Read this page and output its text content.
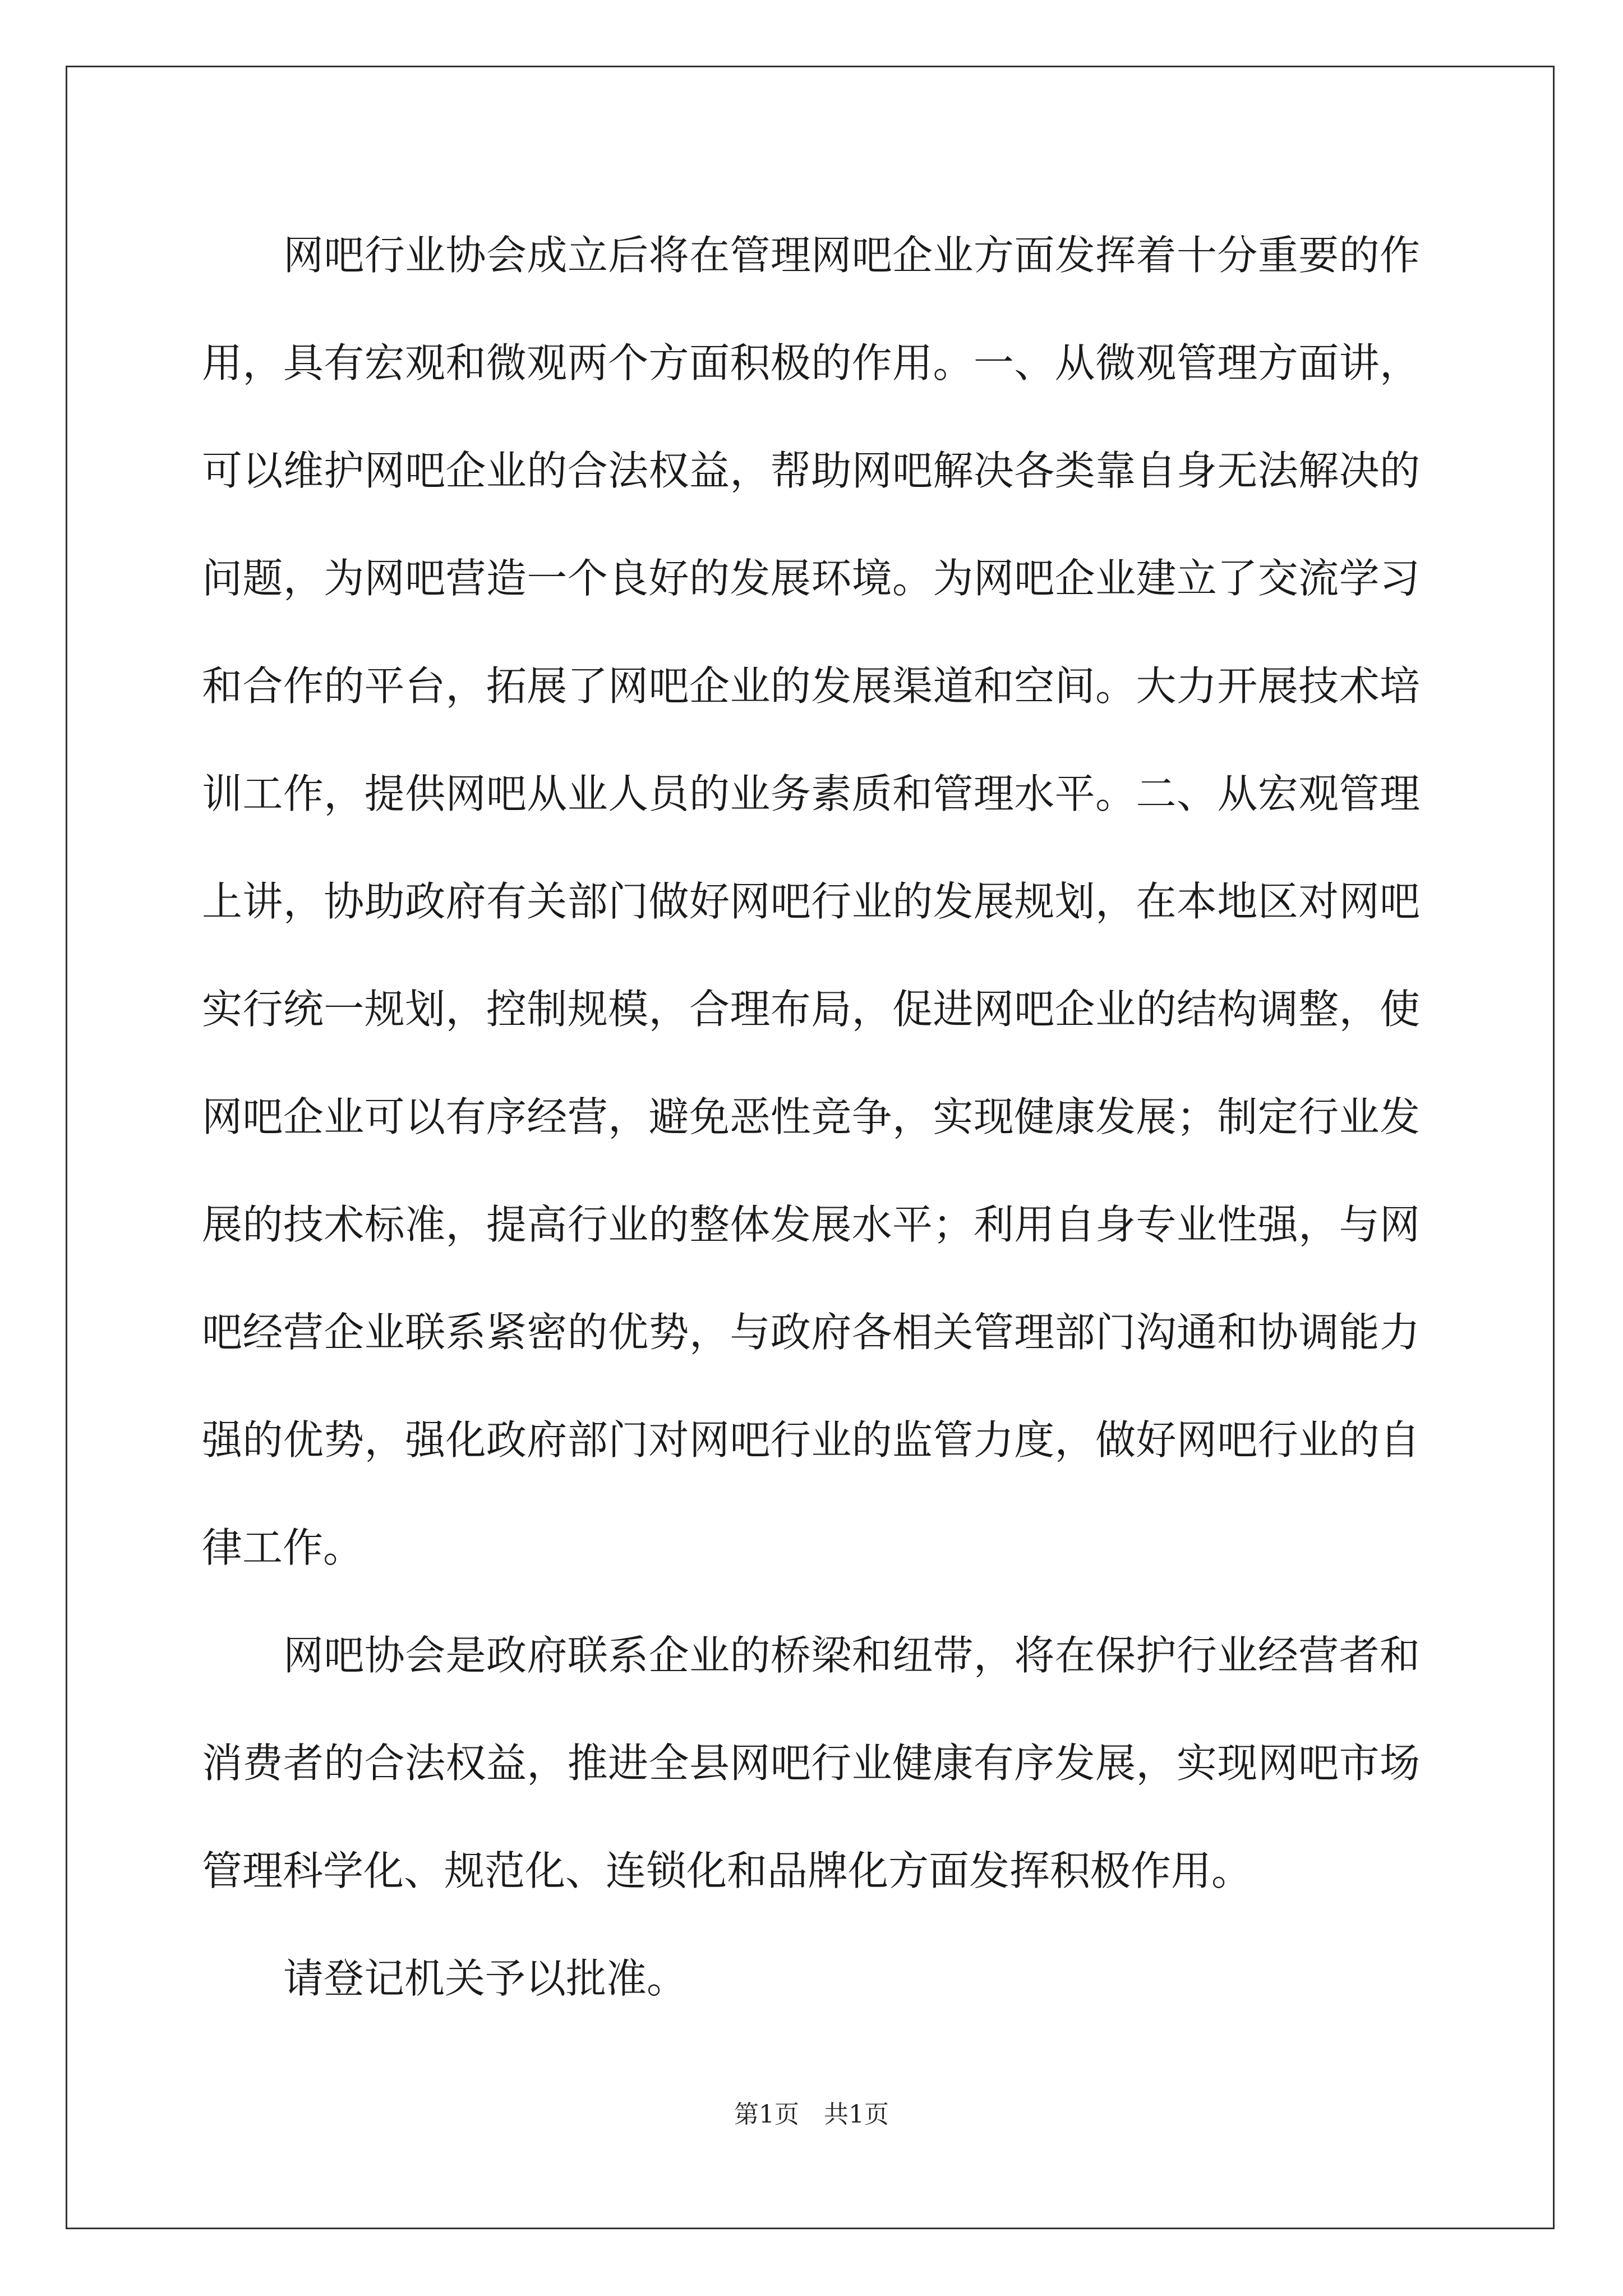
网吧行业协会成立后将在管理网吧企业方面发挥着十分重要的作
用，具有宏观和微观两个方面积极的作用。一、从微观管理方面讲，
可以维护网吧企业的合法权益，帮助网吧解决各类靠自身无法解决的
问题，为网吧营造一个良好的发展环境。为网吧企业建立了交流学习
和合作的平台，拓展了网吧企业的发展渠道和空间。大力开展技术培
训工作，提供网吧从业人员的业务素质和管理水平。二、从宏观管理
上讲，协助政府有关部门做好网吧行业的发展规划，在本地区对网吧
实行统一规划，控制规模，合理布局，促进网吧企业的结构调整，使
网吧企业可以有序经营，避免恶性竞争，实现健康发展；制定行业发
展的技术标准，提高行业的整体发展水平；利用自身专业性强，与网
吧经营企业联系紧密的优势，与政府各相关管理部门沟通和协调能力
强的优势，强化政府部门对网吧行业的监管力度，做好网吧行业的自
律工作。
网吧协会是政府联系企业的桥梁和纽带，将在保护行业经营者和
消费者的合法权益，推进全县网吧行业健康有序发展，实现网吧市场
管理科学化、规范化、连锁化和品牌化方面发挥积极作用。
请登记机关予以批准。
第1页 共1页
